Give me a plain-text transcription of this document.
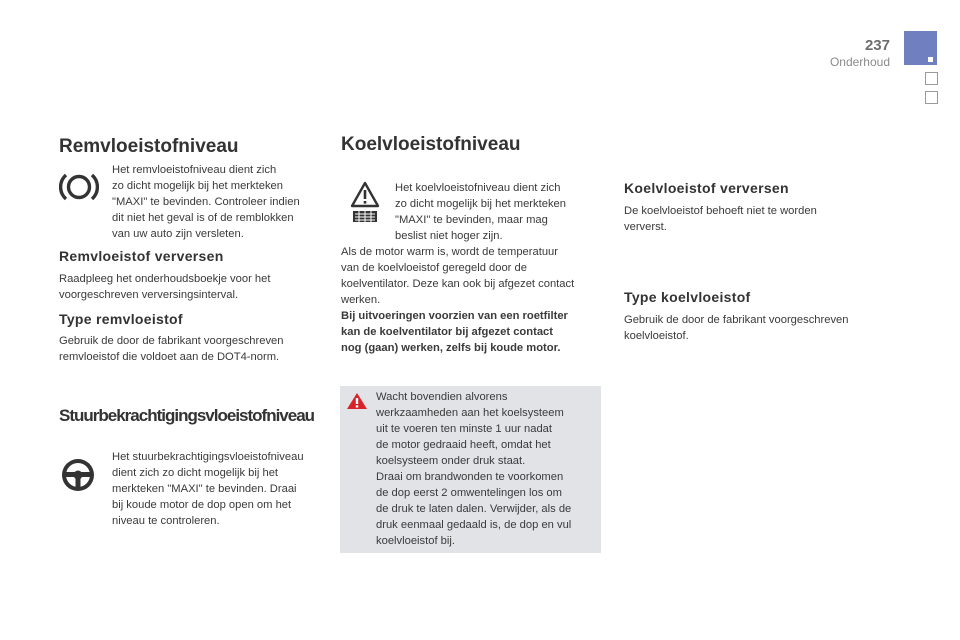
237
Onderhoud
Remvloeistofniveau

Het remvloeistofniveau dient zich

zo dicht mogelijk bij het merkteken

"MAXI" te bevinden. Controleer indien

dit niet het geval is of de remblokken

van uw auto zijn versleten.

Remvloeistof verversen

Raadpleeg het onderhoudsboekje voor het

voorgeschreven verversingsinterval.

Type remvloeistof

Gebruik de door de fabrikant voorgeschreven

remvloeistof die voldoet aan de DOT4-norm.

Stuurbekrachtigingsvloeistofniveau

Het stuurbekrachtigingsvloeistofniveau

dient zich zo dicht mogelijk bij het

merkteken "MAXI" te bevinden. Draai

bij koude motor de dop open om het

niveau te controleren.

Koelvloeistofniveau

Het koelvloeistofniveau dient zich

zo dicht mogelijk bij het merkteken

"MAXI" te bevinden, maar mag

beslist niet hoger zijn.

Als de motor warm is, wordt de temperatuur

van de koelvloeistof geregeld door de

koelventilator. Deze kan ook bij afgezet contact

werken.

Bij uitvoeringen voorzien van een roetfilter

kan de koelventilator bij afgezet contact

nog (gaan) werken, zelfs bij koude motor.

Wacht bovendien alvorens

werkzaamheden aan het koelsysteem

uit te voeren ten minste 1 uur nadat

de motor gedraaid heeft, omdat het

koelsysteem onder druk staat.

Draai om brandwonden te voorkomen

de dop eerst 2 omwentelingen los om

de druk te laten dalen. Verwijder, als de

druk eenmaal gedaald is, de dop en vul

koelvloeistof bij.

Koelvloeistof verversen

De koelvloeistof behoeft niet te worden

ververst.

Type koelvloeistof

Gebruik de door de fabrikant voorgeschreven

koelvloeistof.
